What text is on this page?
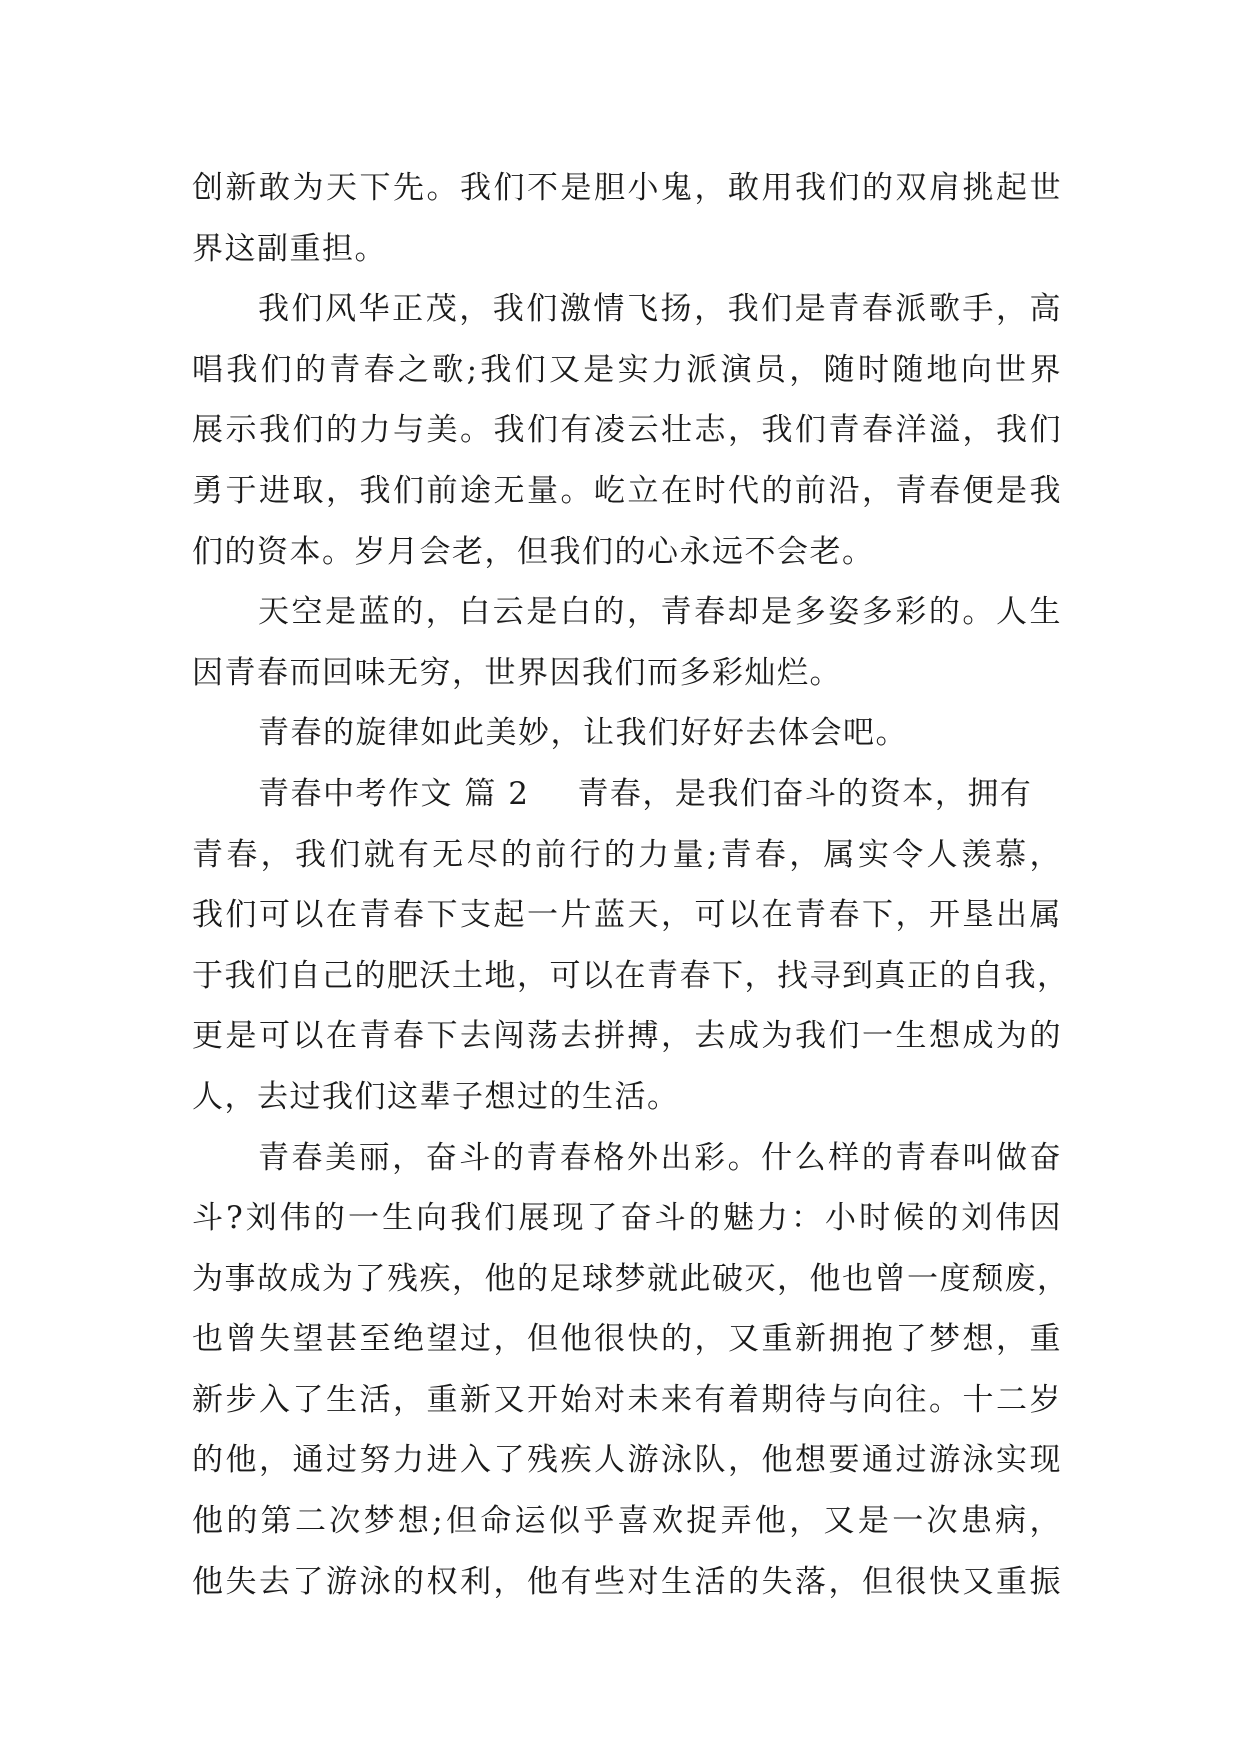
创新敢为天下先。我们不是胆小鬼，敢用我们的双肩挑起世
界这副重担。
我们风华正茂，我们激情飞扬，我们是青春派歌手，高
唱我们的青春之歌;我们又是实力派演员，随时随地向世界
展示我们的力与美。我们有凌云壮志，我们青春洋溢，我们
勇于进取，我们前途无量。屹立在时代的前沿，青春便是我
们的资本。岁月会老，但我们的心永远不会老。
天空是蓝的，白云是白的，青春却是多姿多彩的。人生
因青春而回味无穷，世界因我们而多彩灿烂。
青春的旋律如此美妙，让我们好好去体会吧。
青春中考作文 篇 2 青春，是我们奋斗的资本，拥有
青春，我们就有无尽的前行的力量;青春，属实令人羡慕，
我们可以在青春下支起一片蓝天，可以在青春下，开垦出属
于我们自己的肥沃土地，可以在青春下，找寻到真正的自我，
更是可以在青春下去闯荡去拼搏，去成为我们一生想成为的
人，去过我们这辈子想过的生活。
青春美丽，奋斗的青春格外出彩。什么样的青春叫做奋
斗?刘伟的一生向我们展现了奋斗的魅力：小时候的刘伟因
为事故成为了残疾，他的足球梦就此破灭，他也曾一度颓废，
也曾失望甚至绝望过，但他很快的，又重新拥抱了梦想，重
新步入了生活，重新又开始对未来有着期待与向往。十二岁
的他，通过努力进入了残疾人游泳队，他想要通过游泳实现
他的第二次梦想;但命运似乎喜欢捉弄他，又是一次患病，
他失去了游泳的权利，他有些对生活的失落，但很快又重振
